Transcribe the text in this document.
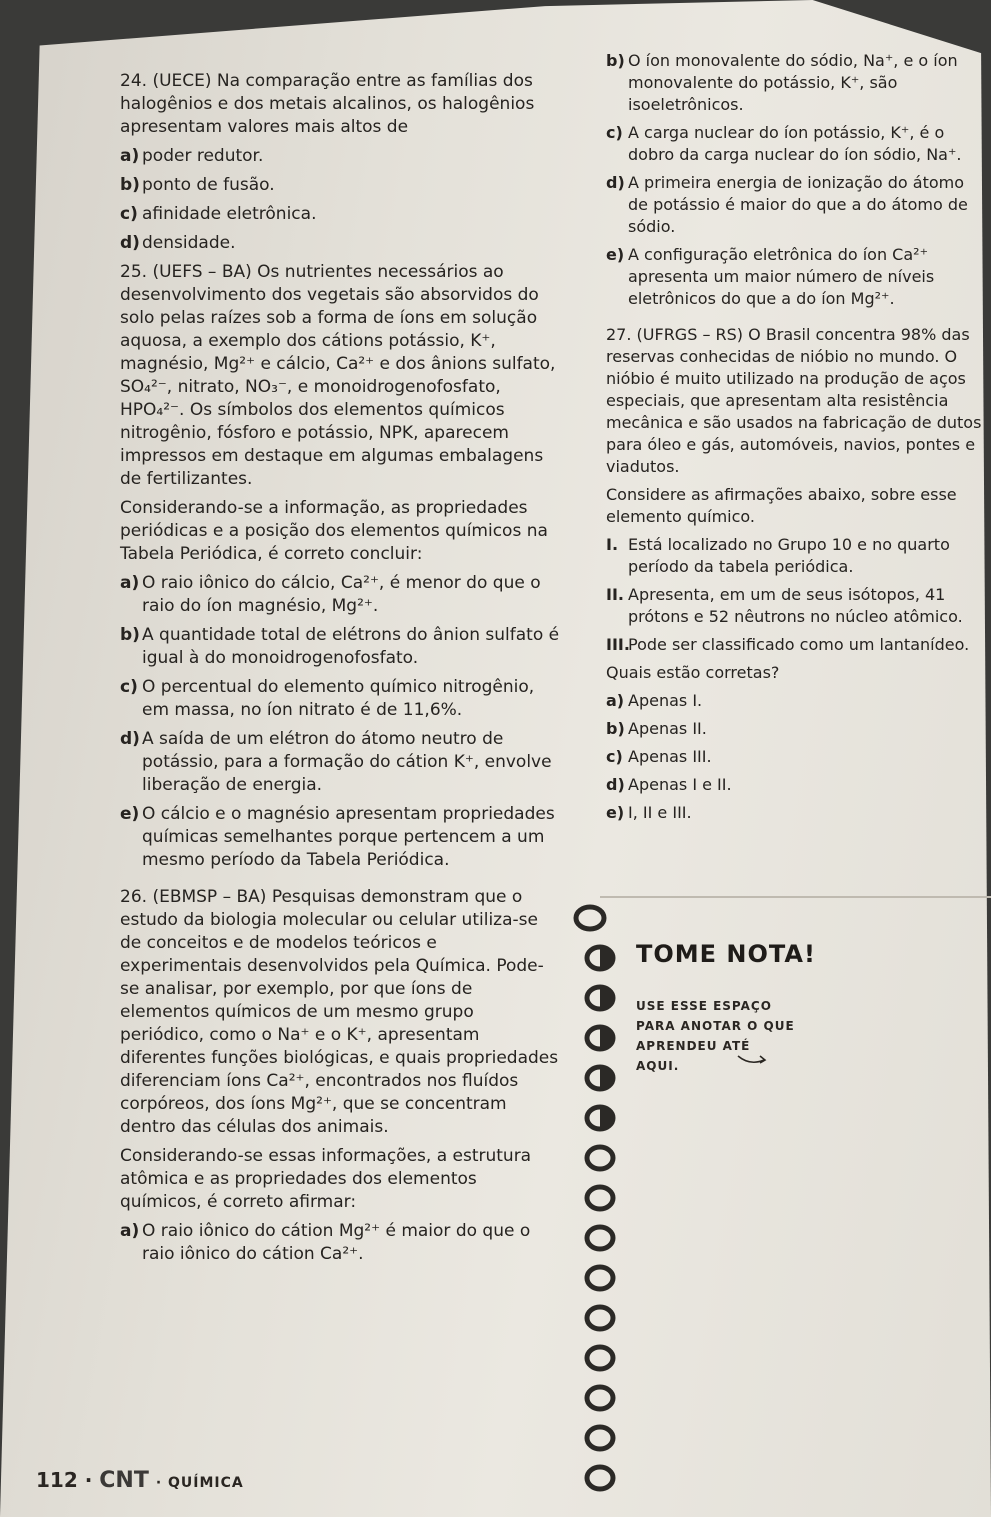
24. (UECE) Na comparação entre as famílias dos halogênios e dos metais alcalinos, os halogênios apresentam valores mais altos de

a) poder redutor.
b) ponto de fusão.
c) afinidade eletrônica.
d) densidade.

25. (UEFS – BA) Os nutrientes necessários ao desenvolvimento dos vegetais são absorvidos do solo pelas raízes sob a forma de íons em solução aquosa, a exemplo dos cátions potássio, K⁺, magnésio, Mg²⁺ e cálcio, Ca²⁺ e dos ânions sulfato, SO₄²⁻, nitrato, NO₃⁻, e monoidrogenofosfato, HPO₄²⁻. Os símbolos dos elementos químicos nitrogênio, fósforo e potássio, NPK, aparecem impressos em destaque em algumas embalagens de fertilizantes.

Considerando-se a informação, as propriedades periódicas e a posição dos elementos químicos na Tabela Periódica, é correto concluir:

a) O raio iônico do cálcio, Ca²⁺, é menor do que o raio do íon magnésio, Mg²⁺.
b) A quantidade total de elétrons do ânion sulfato é igual à do monoidrogenofosfato.
c) O percentual do elemento químico nitrogênio, em massa, no íon nitrato é de 11,6%.
d) A saída de um elétron do átomo neutro de potássio, para a formação do cátion K⁺, envolve liberação de energia.
e) O cálcio e o magnésio apresentam propriedades químicas semelhantes porque pertencem a um mesmo período da Tabela Periódica.

26. (EBMSP – BA) Pesquisas demonstram que o estudo da biologia molecular ou celular utiliza-se de conceitos e de modelos teóricos e experimentais desenvolvidos pela Química. Pode-se analisar, por exemplo, por que íons de elementos químicos de um mesmo grupo periódico, como o Na⁺ e o K⁺, apresentam diferentes funções biológicas, e quais propriedades diferenciam íons Ca²⁺, encontrados nos fluídos corpóreos, dos íons Mg²⁺, que se concentram dentro das células dos animais.

Considerando-se essas informações, a estrutura atômica e as propriedades dos elementos químicos, é correto afirmar:

a) O raio iônico do cátion Mg²⁺ é maior do que o raio iônico do cátion Ca²⁺.
b) O íon monovalente do sódio, Na⁺, e o íon monovalente do potássio, K⁺, são isoeletrônicos.
c) A carga nuclear do íon potássio, K⁺, é o dobro da carga nuclear do íon sódio, Na⁺.
d) A primeira energia de ionização do átomo de potássio é maior do que a do átomo de sódio.
e) A configuração eletrônica do íon Ca²⁺ apresenta um maior número de níveis eletrônicos do que a do íon Mg²⁺.

27. (UFRGS – RS) O Brasil concentra 98% das reservas conhecidas de nióbio no mundo. O nióbio é muito utilizado na produção de aços especiais, que apresentam alta resistência mecânica e são usados na fabricação de dutos para óleo e gás, automóveis, navios, pontes e viadutos.

Considere as afirmações abaixo, sobre esse elemento químico.

I. Está localizado no Grupo 10 e no quarto período da tabela periódica.
II. Apresenta, em um de seus isótopos, 41 prótons e 52 nêutrons no núcleo atômico.
III.Pode ser classificado como um lantanídeo.

Quais estão corretas?

a) Apenas I.
b) Apenas II.
c) Apenas III.
d) Apenas I e II.
e) I, II e III.
TOME NOTA!
USE ESSE ESPAÇO PARA ANOTAR O QUE APRENDEU ATÉ AQUI.
112 · CNT · QUÍMICA
